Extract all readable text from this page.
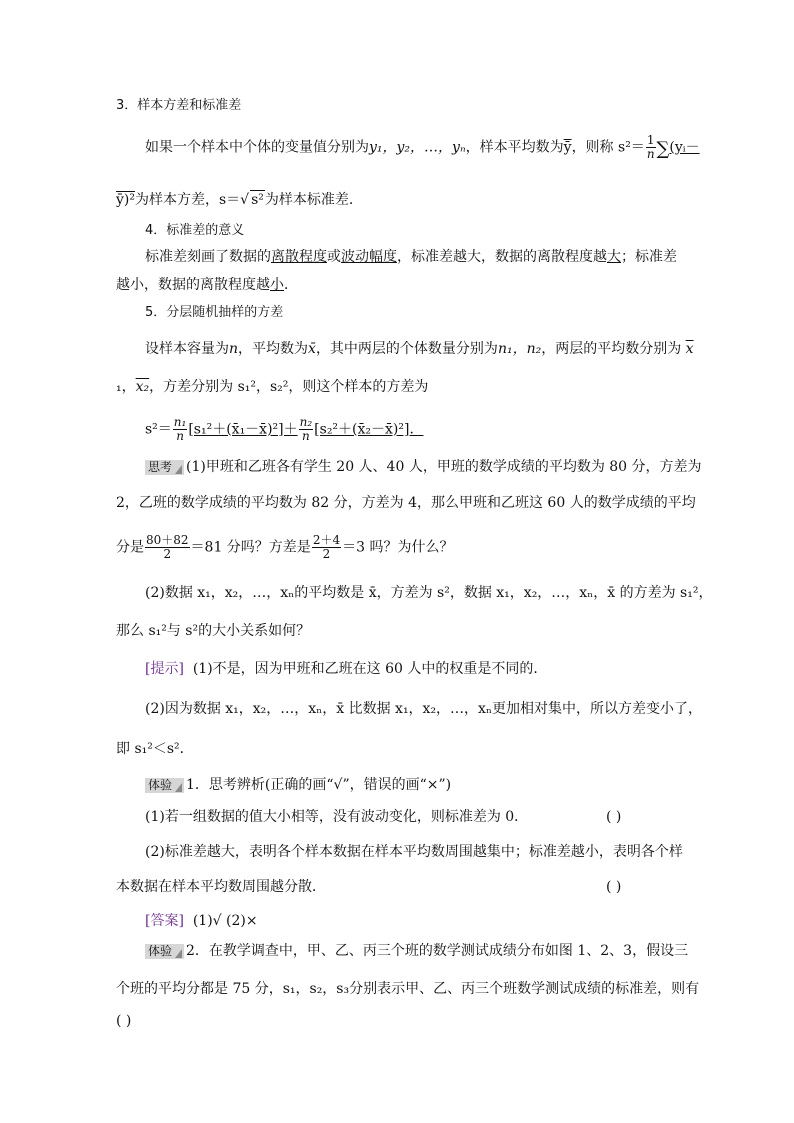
3．样本方差和标准差
如果一个样本中个体的变量值分别为y₁，y₂，…，yₙ，样本平均数为$\overline{ȳ}$，则称 $s^2= \frac{1}{n}$ ∑(yᵢ－
ȳ)²为样本方差，s＝√ s²为样本标准差．
4．标准差的意义
标准差刻画了数据的离散程度或波动幅度，标准差越大，数据的离散程度越大；标准差
越小，数据的离散程度越小．
5．分层随机抽样的方差
设样本容量为n，平均数为x̄，其中两层的个体数量分别为n₁，n₂，两层的平均数分别为 $\overline{x}$
₁，x₂，方差分别为 s₁²，s₂²，则这个样本的方差为
$s^2= \frac{\text{n₁}}{n}$ [s₁²＋(x̄₁－x̄)²]＋ $\frac{\text{n₂}}{n}$ [s₂²＋(x̄₂－x̄)²]．
思考 (1)甲班和乙班各有学生 20 人、40 人，甲班的数学成绩的平均数为 80 分，方差为
2，乙班的数学成绩的平均数为 82 分，方差为 4，那么甲班和乙班这 60 人的数学成绩的平均
分是 $\frac{80+82}{2} =81$ 分吗？方差是 $\frac{2+4}{2} =3$ 吗？为什么？
(2)数据 x₁，x₂，…，xₙ的平均数是 x̄，方差为 s²，数据 x₁，x₂，…，xₙ，x̄ 的方差为 s₁²，
那么 s₁²与 s²的大小关系如何？
[提示] (1)不是，因为甲班和乙班在这 60 人中的权重是不同的．
(2)因为数据 x₁，x₂，…，xₙ，x̄ 比数据 x₁，x₂，…，xₙ更加相对集中，所以方差变小了，
即 s₁²＜s²．
体验 1．思考辨析(正确的画“√”，错误的画“×”)
(1)若一组数据的值大小相等，没有波动变化，则标准差为 0．	( )
(2)标准差越大，表明各个样本数据在样本平均数周围越集中；标准差越小，表明各个样
本数据在样本平均数周围越分散．	( )
[答案] (1)√ (2)×
体验 2．在教学调查中，甲、乙、丙三个班的数学测试成绩分布如图 1、2、3，假设三
个班的平均分都是 75 分，s₁，s₂，s₃分别表示甲、乙、丙三个班数学测试成绩的标准差，则有
( )
